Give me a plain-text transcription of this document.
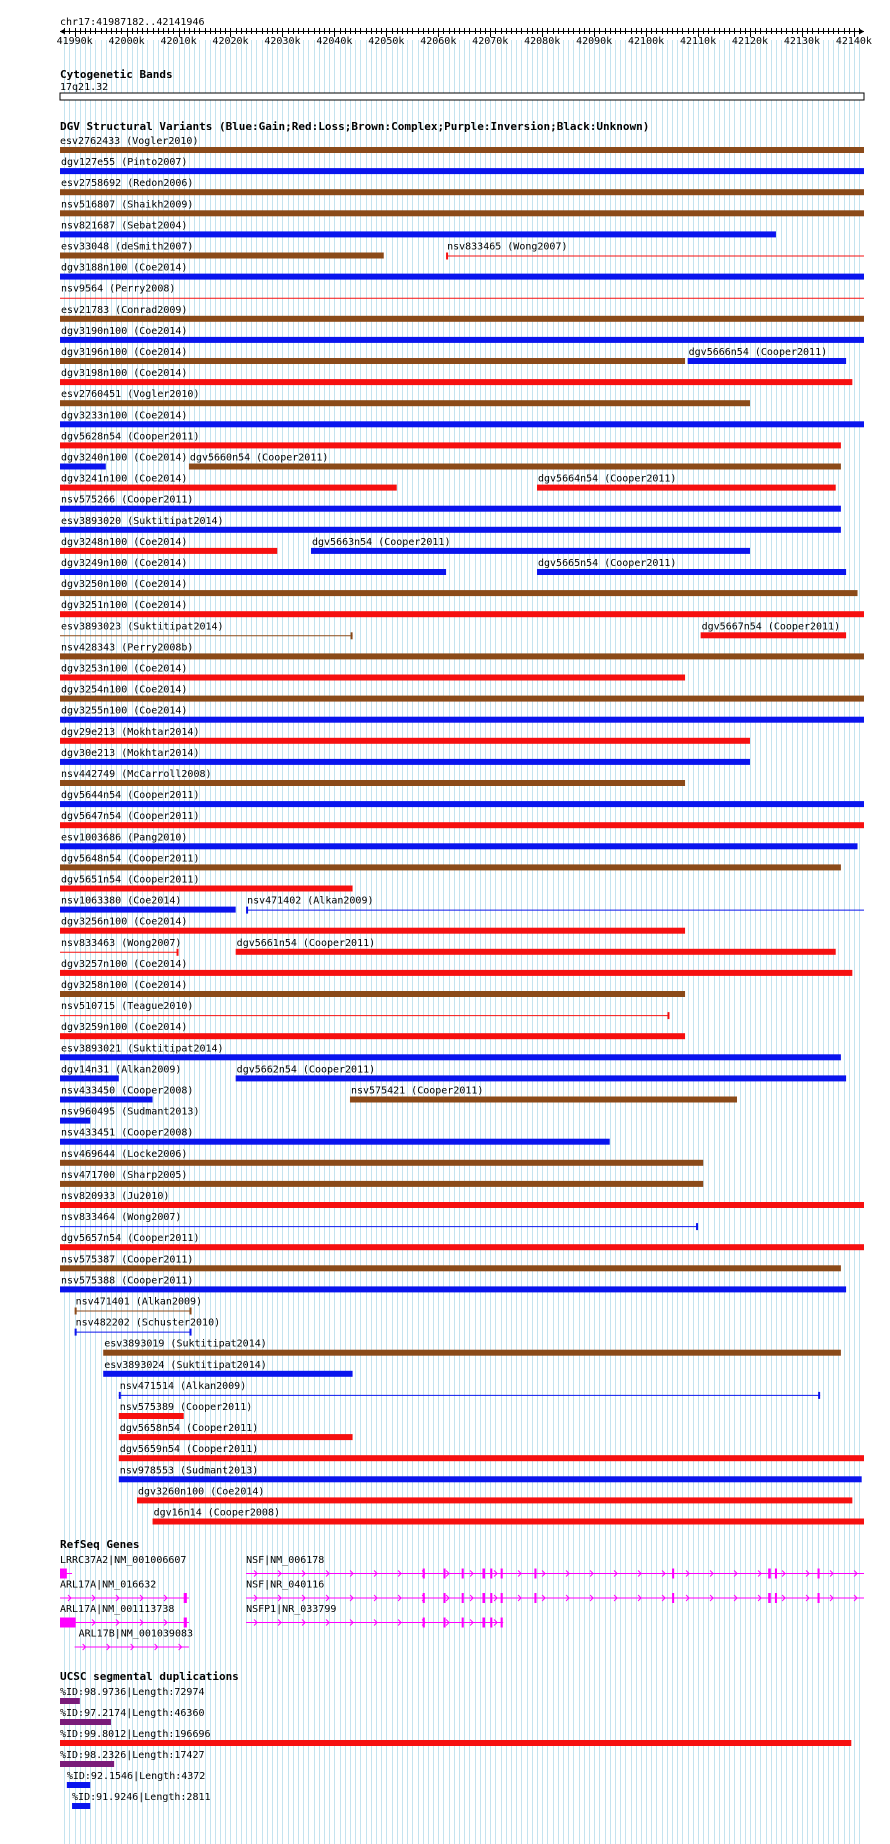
chr17:41987182..42141946
41990k 42000k 42010k 42020k 42030k 42040k 42050k 42060k 42070k 42080k 42090k 42100k 42110k 42120k 42130k 42140k
Cytogenetic Bands
17q21.32
DGV Structural Variants (Blue:Gain;Red:Loss;Brown:Complex;Purple:Inversion;Black:Unknown)
esv2762433 (Vogler2010)
dgv127e55 (Pinto2007)
esv2758692 (Redon2006)
nsv516807 (Shaikh2009)
nsv821687 (Sebat2004)
esv33048 (deSmith2007)	nsv833465 (Wong2007)
dgv3188n100 (Coe2014)
nsv9564 (Perry2008)
esv21783 (Conrad2009)
dgv3190n100 (Coe2014)
dgv3196n100 (Coe2014)	dgv5666n54 (Cooper2011)
dgv3198n100 (Coe2014)
esv2760451 (Vogler2010)
dgv3233n100 (Coe2014)
dgv5628n54 (Cooper2011)
dgv3240n100 (Coe2014) dgv5660n54 (Cooper2011)
dgv3241n100 (Coe2014)	dgv5664n54 (Cooper2011)
nsv575266 (Cooper2011)
esv3893020 (Suktitipat2014)
dgv3248n100 (Coe2014)	dgv5663n54 (Cooper2011)
dgv3249n100 (Coe2014)	dgv5665n54 (Cooper2011)
dgv3250n100 (Coe2014)
dgv3251n100 (Coe2014)
esv3893023 (Suktitipat2014)	dgv5667n54 (Cooper2011)
nsv428343 (Perry2008b)
dgv3253n100 (Coe2014)
dgv3254n100 (Coe2014)
dgv3255n100 (Coe2014)
dgv29e213 (Mokhtar2014)
dgv30e213 (Mokhtar2014)
nsv442749 (McCarroll2008)
dgv5644n54 (Cooper2011)
dgv5647n54 (Cooper2011)
esv1003686 (Pang2010)
dgv5648n54 (Cooper2011)
dgv5651n54 (Cooper2011)
nsv1063380 (Coe2014)	nsv471402 (Alkan2009)
dgv3256n100 (Coe2014)
nsv833463 (Wong2007)	dgv5661n54 (Cooper2011)
dgv3257n100 (Coe2014)
dgv3258n100 (Coe2014)
nsv510715 (Teague2010)
dgv3259n100 (Coe2014)
esv3893021 (Suktitipat2014)
dgv14n31 (Alkan2009)	dgv5662n54 (Cooper2011)
nsv433450 (Cooper2008)	nsv575421 (Cooper2011)
nsv960495 (Sudmant2013)
nsv433451 (Cooper2008)
nsv469644 (Locke2006)
nsv471700 (Sharp2005)
nsv820933 (Ju2010)
nsv833464 (Wong2007)
dgv5657n54 (Cooper2011)
nsv575387 (Cooper2011)
nsv575388 (Cooper2011)
nsv471401 (Alkan2009)
nsv482202 (Schuster2010)
esv3893019 (Suktitipat2014)
esv3893024 (Suktitipat2014)
nsv471514 (Alkan2009)
nsv575389 (Cooper2011)
dgv5658n54 (Cooper2011)
dgv5659n54 (Cooper2011)
nsv978553 (Sudmant2013)
dgv3260n100 (Coe2014)
dgv16n14 (Cooper2008)
RefSeq Genes
LRRC37A2|NM_001006607	NSF|NM_006178
ARL17A|NM_016632	NSF|NR_040116
ARL17A|NM_001113738	NSFP1|NR_033799
ARL17B|NM_001039083
UCSC segmental duplications
%ID:98.9736|Length:72974
%ID:97.2174|Length:46360
%ID:99.8012|Length:196696
%ID:98.2326|Length:17427
%ID:92.1546|Length:4372
%ID:91.9246|Length:2811
